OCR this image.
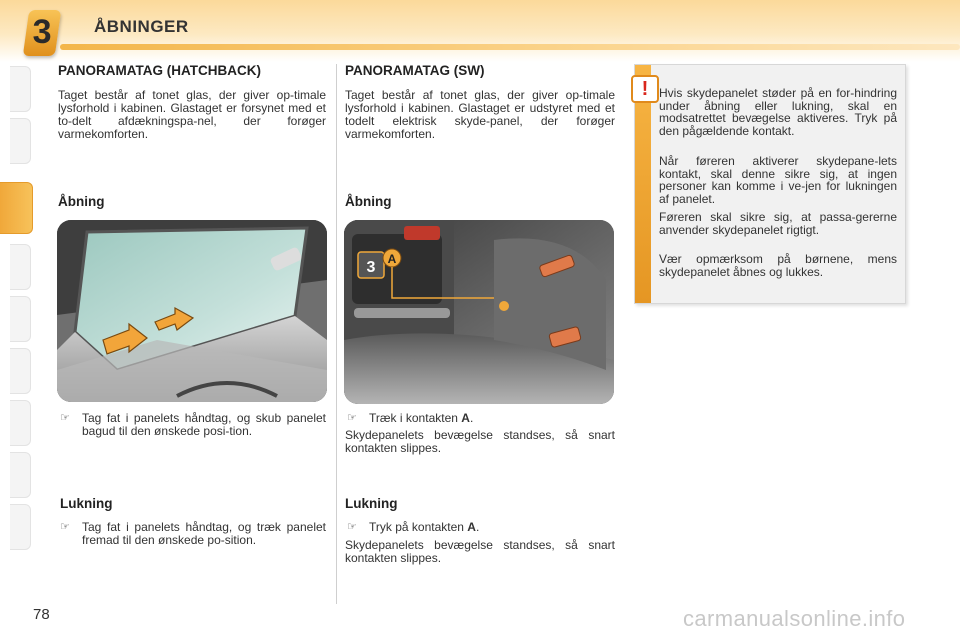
3	ÅBNINGER
PANORAMATAG (HATCHBACK)
Taget består af tonet glas, der giver op-timale lysforhold i kabinen. Glastaget er forsynet med et to-delt afdækningspa-nel, der forøger varmekomforten.
Åbning
☞	Tag fat i panelets håndtag, og skub panelet bagud til den ønskede posi-tion.
Lukning
☞	Tag fat i panelets håndtag, og træk panelet fremad til den ønskede po-sition.
PANORAMATAG (SW)
Taget består af tonet glas, der giver op-timale lysforhold i kabinen. Glastaget er udstyret med et todelt elektrisk skyde-panel, der forøger varmekomforten.
Åbning
3 A
☞	Træk i kontakten A.
Skydepanelets bevægelse standses, så snart kontakten slippes.
Lukning
☞	Tryk på kontakten A.
Skydepanelets bevægelse standses, så snart kontakten slippes.
! Hvis skydepanelet støder på en for-hindring under åbning eller lukning, skal en modsatrettet bevægelse aktiveres. Tryk på den pågældende kontakt.
Når føreren aktiverer skydepane-lets kontakt, skal denne sikre sig, at ingen personer kan komme i ve-jen for lukningen af panelet.
Føreren skal sikre sig, at passa-gererne anvender skydepanelet rigtigt.
Vær opmærksom på børnene, mens skydepanelet åbnes og lukkes.
78	carmanualsonline.info
